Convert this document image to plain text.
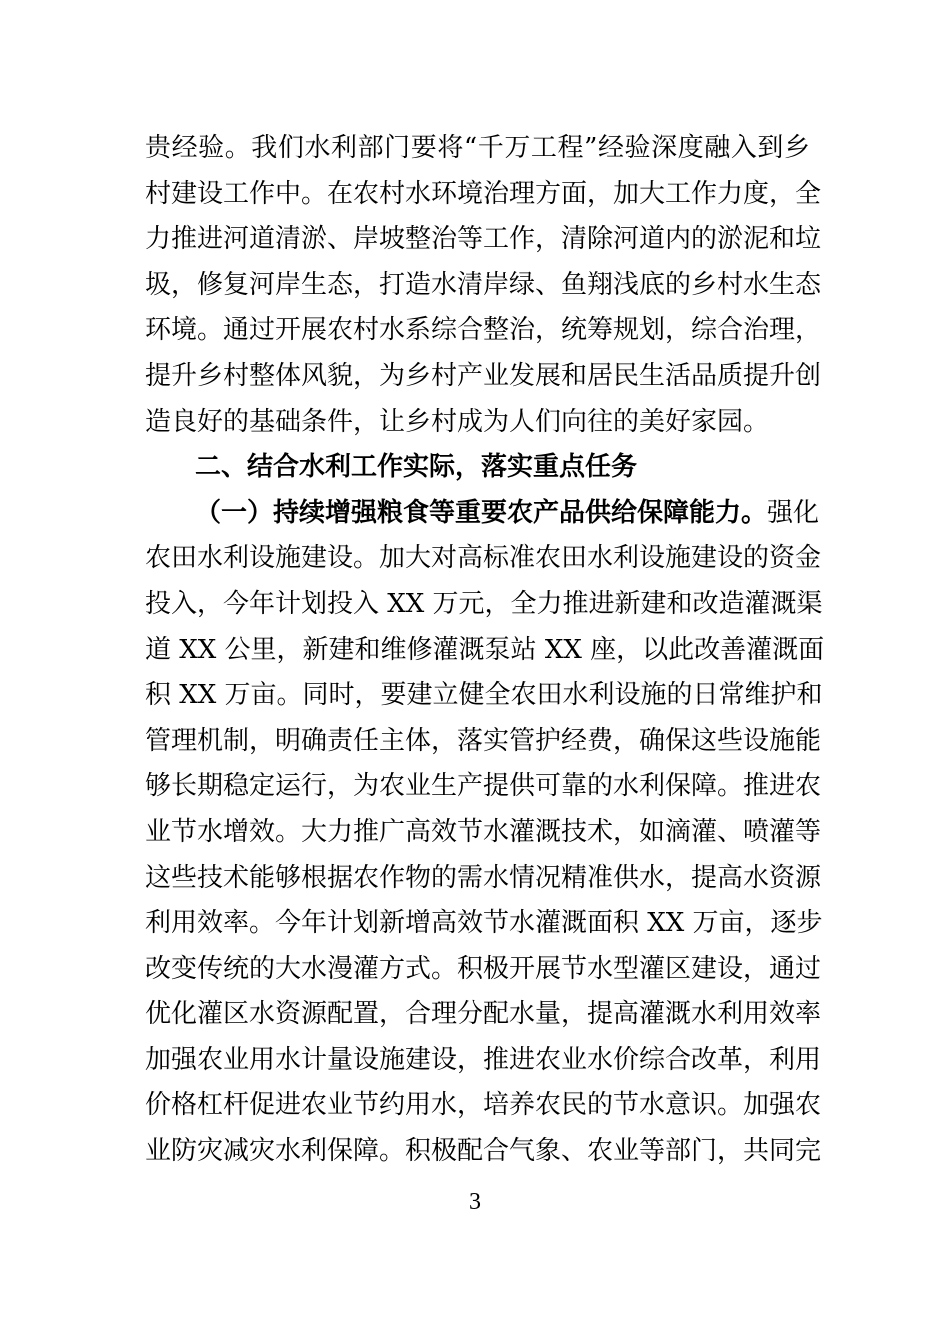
贵经验。我们水利部门要将“千万工程”经验深度融入到乡
村建设工作中。在农村水环境治理方面，加大工作力度，全
力推进河道清淤、岸坡整治等工作，清除河道内的淤泥和垃
圾，修复河岸生态，打造水清岸绿、鱼翔浅底的乡村水生态
环境。通过开展农村水系综合整治，统筹规划，综合治理，
提升乡村整体风貌，为乡村产业发展和居民生活品质提升创
造良好的基础条件，让乡村成为人们向往的美好家园。
二、结合水利工作实际，落实重点任务
（一）持续增强粮食等重要农产品供给保障能力。强化
农田水利设施建设。加大对高标准农田水利设施建设的资金
投入，今年计划投入 XX 万元，全力推进新建和改造灌溉渠
道 XX 公里，新建和维修灌溉泵站 XX 座，以此改善灌溉面
积 XX 万亩。同时，要建立健全农田水利设施的日常维护和
管理机制，明确责任主体，落实管护经费，确保这些设施能
够长期稳定运行，为农业生产提供可靠的水利保障。推进农
业节水增效。大力推广高效节水灌溉技术，如滴灌、喷灌等
这些技术能够根据农作物的需水情况精准供水，提高水资源
利用效率。今年计划新增高效节水灌溉面积 XX 万亩，逐步
改变传统的大水漫灌方式。积极开展节水型灌区建设，通过
优化灌区水资源配置，合理分配水量，提高灌溉水利用效率
加强农业用水计量设施建设，推进农业水价综合改革，利用
价格杠杆促进农业节约用水，培养农民的节水意识。加强农
业防灾减灾水利保障。积极配合气象、农业等部门，共同完
3
